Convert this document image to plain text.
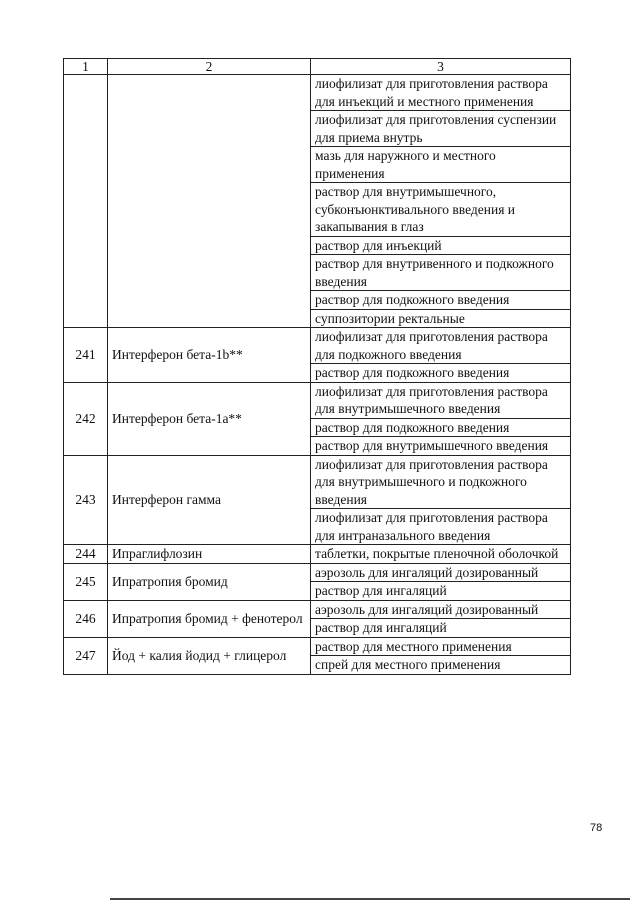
1	2	3
		лиофилизат для приготовления раствора для инъекций и местного применения
		лиофилизат для приготовления суспензии для приема внутрь
		мазь для наружного и местного применения
		раствор для внутримышечного, субконъюнктивального введения и закапывания в глаз
		раствор для инъекций
		раствор для внутривенного и подкожного введения
		раствор для подкожного введения
		суппозитории ректальные
241	Интерферон бета-1b**	лиофилизат для приготовления раствора для подкожного введения
		раствор для подкожного введения
242	Интерферон бета-1a**	лиофилизат для приготовления раствора для внутримышечного введения
		раствор для подкожного введения
		раствор для внутримышечного введения
243	Интерферон гамма	лиофилизат для приготовления раствора для внутримышечного и подкожного введения
		лиофилизат для приготовления раствора для интраназального введения
244	Ипраглифлозин	таблетки, покрытые пленочной оболочкой
245	Ипратропия бромид	аэрозоль для ингаляций дозированный
		раствор для ингаляций
246	Ипратропия бромид + фенотерол	аэрозоль для ингаляций дозированный
		раствор для ингаляций
247	Йод + калия йодид + глицерол	раствор для местного применения
		спрей для местного применения
78
